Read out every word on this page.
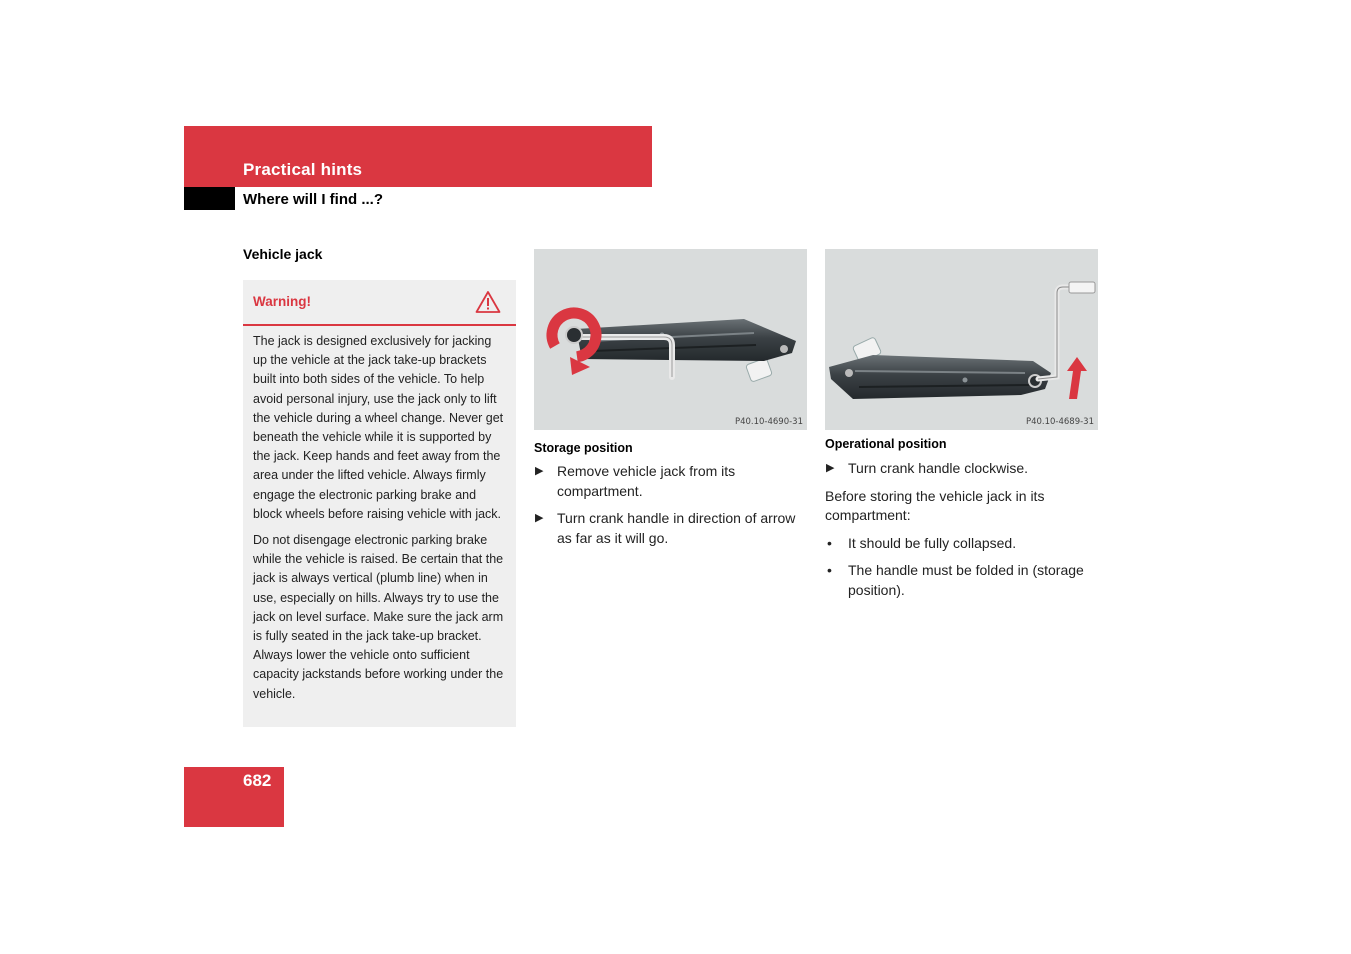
Practical hints
Where will I find ...?
Vehicle jack
Warning!

The jack is designed exclusively for jacking up the vehicle at the jack take-up brackets built into both sides of the vehicle. To help avoid personal injury, use the jack only to lift the vehicle during a wheel change. Never get beneath the vehicle while it is supported by the jack. Keep hands and feet away from the area under the lifted vehicle. Always firmly engage the electronic parking brake and block wheels before raising vehicle with jack.

Do not disengage electronic parking brake while the vehicle is raised. Be certain that the jack is always vertical (plumb line) when in use, especially on hills. Always try to use the jack on level surface. Make sure the jack arm is fully seated in the jack take-up bracket. Always lower the vehicle onto sufficient capacity jackstands before working under the vehicle.

P40.10-4690-31
Storage position
▶ Remove vehicle jack from its compartment.
▶ Turn crank handle in direction of arrow as far as it will go.
P40.10-4689-31
Operational position
▶ Turn crank handle clockwise.
Before storing the vehicle jack in its compartment:
• It should be fully collapsed.
• The handle must be folded in (storage position).
682
